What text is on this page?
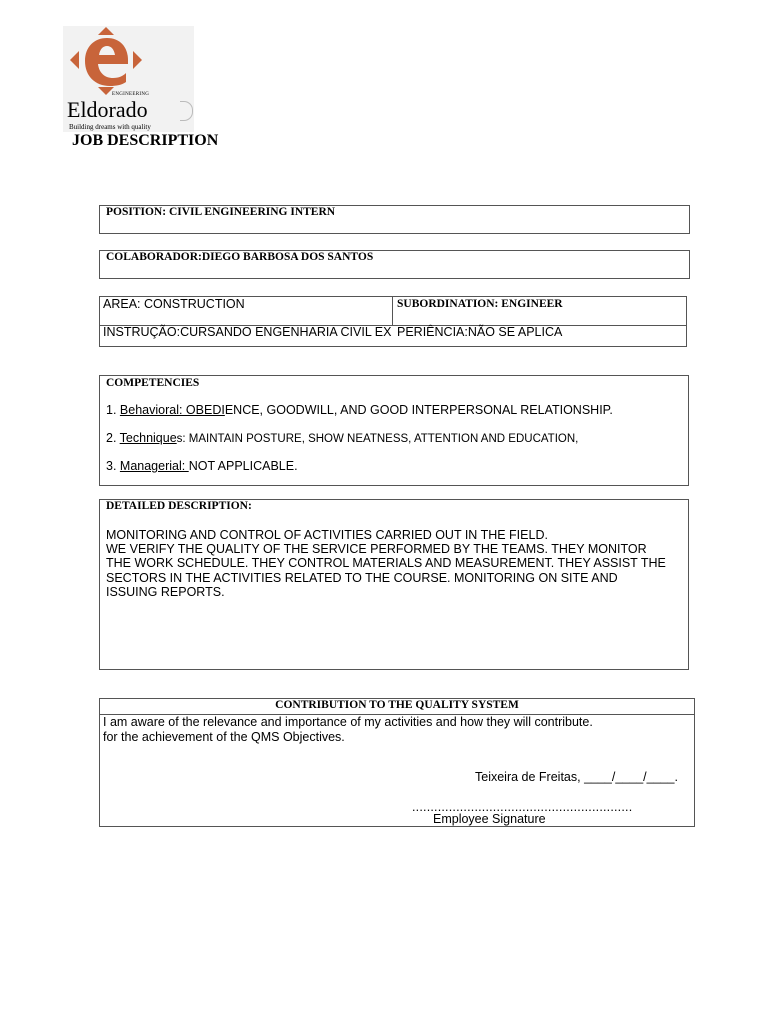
ENGINEERING
Eldorado
Building dreams with quality
JOB DESCRIPTION
POSITION: CIVIL ENGINEERING INTERN
COLABORADOR:DIEGO BARBOSA DOS SANTOS
AREA: CONSTRUCTION	SUBORDINATION: ENGINEER
INSTRUÇÃO:CURSANDO ENGENHARIA CIVIL EX PERIÊNCIA:NÃO SE APLICA
COMPETENCIES
1. Behavioral: OBEDIENCE, GOODWILL, AND GOOD INTERPERSONAL RELATIONSHIP.
2. Techniques: MAINTAIN POSTURE, SHOW NEATNESS, ATTENTION AND EDUCATION,
3. Managerial: NOT APPLICABLE.
DETAILED DESCRIPTION:
MONITORING AND CONTROL OF ACTIVITIES CARRIED OUT IN THE FIELD.
WE VERIFY THE QUALITY OF THE SERVICE PERFORMED BY THE TEAMS. THEY MONITOR THE WORK SCHEDULE. THEY CONTROL MATERIALS AND MEASUREMENT. THEY ASSIST THE SECTORS IN THE ACTIVITIES RELATED TO THE COURSE. MONITORING ON SITE AND ISSUING REPORTS.
CONTRIBUTION TO THE QUALITY SYSTEM
I am aware of the relevance and importance of my activities and how they will contribute.
for the achievement of the QMS Objectives.
Teixeira de Freitas, ____/____/____.
............................................................
Employee Signature
